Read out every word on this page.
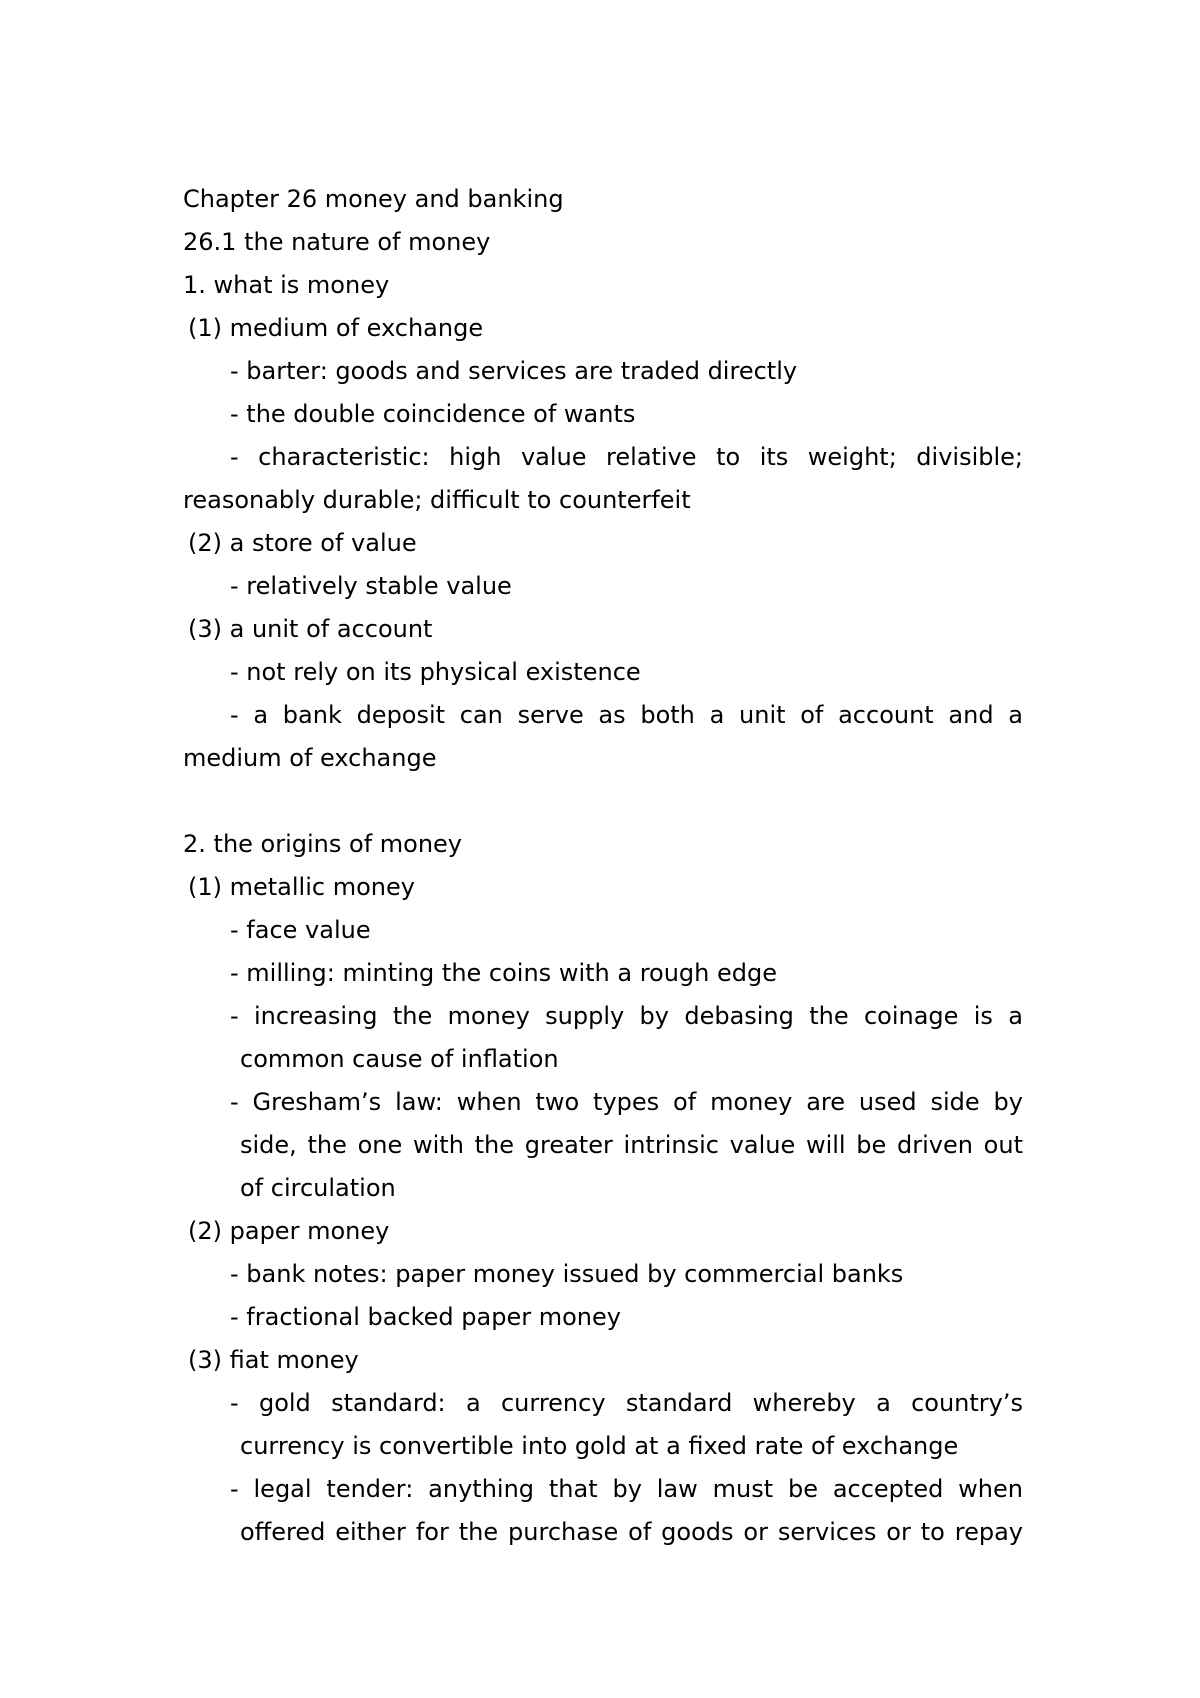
Chapter 26 money and banking
26.1 the nature of money
1. what is money
(1) medium of exchange
- barter: goods and services are traded directly
- the double coincidence of wants
- characteristic: high value relative to its weight; divisible;
reasonably durable; difficult to counterfeit
(2) a store of value
- relatively stable value
(3) a unit of account
- not rely on its physical existence
- a bank deposit can serve as both a unit of account and a
medium of exchange
2. the origins of money
(1) metallic money
- face value
- milling: minting the coins with a rough edge
- increasing the money supply by debasing the coinage is a
common cause of inflation
- Gresham’s law: when two types of money are used side by
side, the one with the greater intrinsic value will be driven out
of circulation
(2) paper money
- bank notes: paper money issued by commercial banks
- fractional backed paper money
(3) fiat money
- gold standard: a currency standard whereby a country’s
currency is convertible into gold at a fixed rate of exchange
- legal tender: anything that by law must be accepted when
offered either for the purchase of goods or services or to repay
